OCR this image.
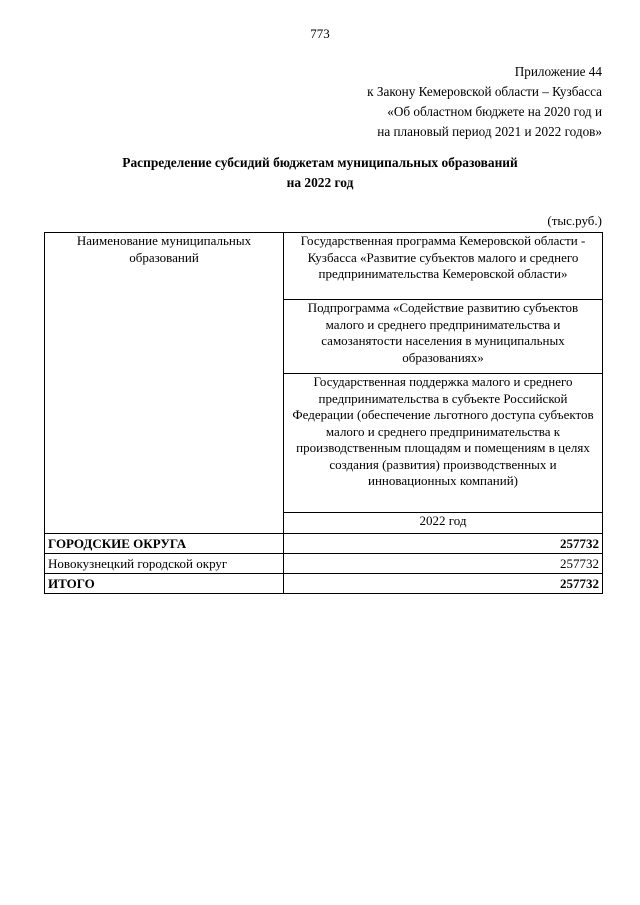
773
Приложение 44
к Закону Кемеровской области – Кузбасса
«Об областном бюджете на 2020 год и
на плановый период 2021 и 2022 годов»
Распределение субсидий бюджетам муниципальных образований
на 2022 год
(тыс.руб.)
Наименование муниципальных образований	Государственная программа Кемеровской области - Кузбасса «Развитие субъектов малого и среднего предпринимательства Кемеровской области»
	Подпрограмма «Содействие развитию субъектов малого и среднего предпринимательства и самозанятости населения в муниципальных образованиях»
	Государственная поддержка малого и среднего предпринимательства в субъекте Российской Федерации (обеспечение льготного доступа субъектов малого и среднего предпринимательства к производственным площадям и помещениям в целях создания (развития) производственных и инновационных компаний)
	2022 год
ГОРОДСКИЕ ОКРУГА	257732
Новокузнецкий городской округ	257732
ИТОГО	257732
